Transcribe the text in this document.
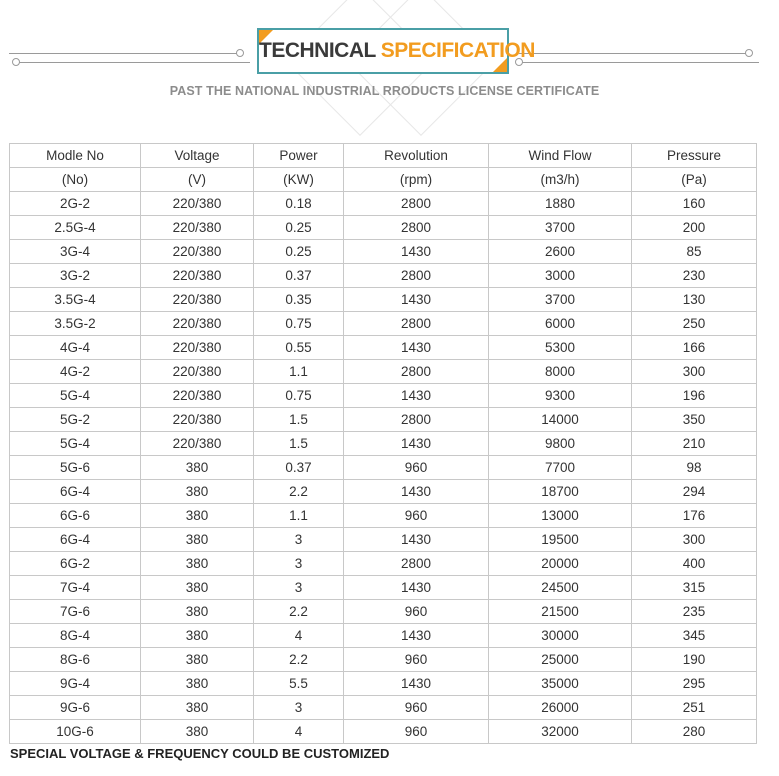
TECHNICAL SPECIFICATION
PAST THE NATIONAL INDUSTRIAL RRODUCTS LICENSE CERTIFICATE
Modle No	Voltage	Power	Revolution	Wind Flow	Pressure
(No)	(V)	(KW)	(rpm)	(m3/h)	(Pa)
2G-2	220/380	0.18	2800	1880	160
2.5G-4	220/380	0.25	2800	3700	200
3G-4	220/380	0.25	1430	2600	85
3G-2	220/380	0.37	2800	3000	230
3.5G-4	220/380	0.35	1430	3700	130
3.5G-2	220/380	0.75	2800	6000	250
4G-4	220/380	0.55	1430	5300	166
4G-2	220/380	1.1	2800	8000	300
5G-4	220/380	0.75	1430	9300	196
5G-2	220/380	1.5	2800	14000	350
5G-4	220/380	1.5	1430	9800	210
5G-6	380	0.37	960	7700	98
6G-4	380	2.2	1430	18700	294
6G-6	380	1.1	960	13000	176
6G-4	380	3	1430	19500	300
6G-2	380	3	2800	20000	400
7G-4	380	3	1430	24500	315
7G-6	380	2.2	960	21500	235
8G-4	380	4	1430	30000	345
8G-6	380	2.2	960	25000	190
9G-4	380	5.5	1430	35000	295
9G-6	380	3	960	26000	251
10G-6	380	4	960	32000	280
SPECIAL VOLTAGE & FREQUENCY COULD BE CUSTOMIZED
